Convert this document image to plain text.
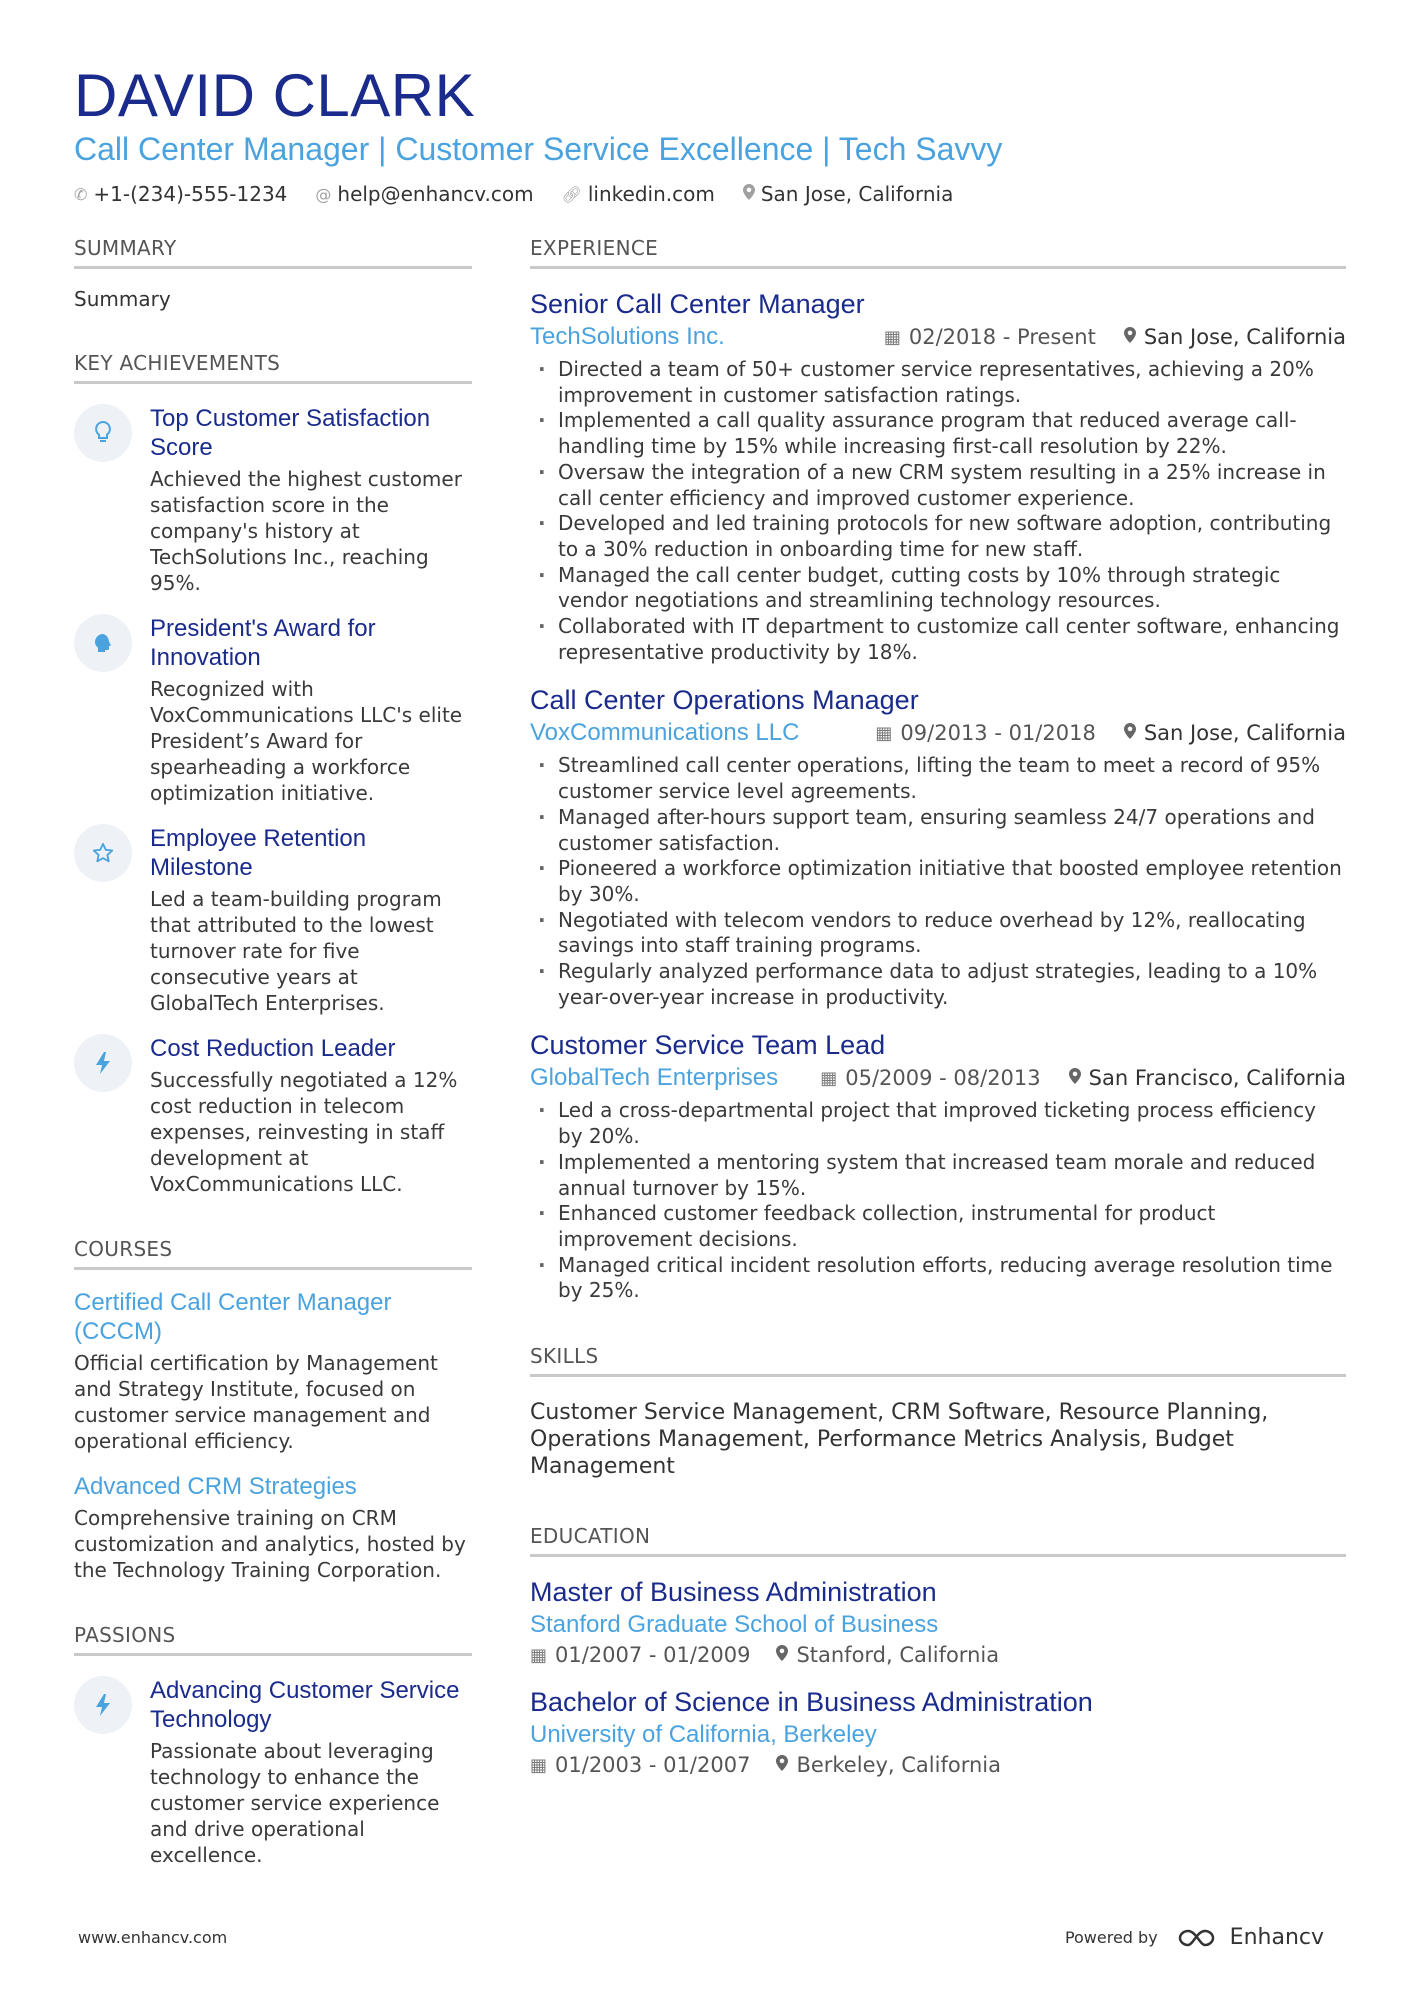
DAVID CLARK
Call Center Manager | Customer Service Excellence | Tech Savvy
✆ +1-(234)-555-1234 @ help@enhancv.com 🔗︎ linkedin.com San Jose, California
SUMMARY
Summary
KEY ACHIEVEMENTS
Top Customer Satisfaction Score
Achieved the highest customer satisfaction score in the company's history at TechSolutions Inc., reaching 95%.
President's Award for Innovation
Recognized with VoxCommunications LLC's elite President’s Award for spearheading a workforce optimization initiative.
Employee Retention Milestone
Led a team-building program that attributed to the lowest turnover rate for five consecutive years at GlobalTech Enterprises.
Cost Reduction Leader
Successfully negotiated a 12% cost reduction in telecom expenses, reinvesting in staff development at VoxCommunications LLC.
COURSES
Certified Call Center Manager (CCCM)
Official certification by Management and Strategy Institute, focused on customer service management and operational efficiency.
Advanced CRM Strategies
Comprehensive training on CRM customization and analytics, hosted by the Technology Training Corporation.
PASSIONS
Advancing Customer Service Technology
Passionate about leveraging technology to enhance the customer service experience and drive operational excellence.
EXPERIENCE
Senior Call Center Manager
TechSolutions Inc.	▦ 02/2018 - Present San Jose, California
· Directed a team of 50+ customer service representatives, achieving a 20% improvement in customer satisfaction ratings.
· Implemented a call quality assurance program that reduced average call-handling time by 15% while increasing first-call resolution by 22%.
· Oversaw the integration of a new CRM system resulting in a 25% increase in call center efficiency and improved customer experience.
· Developed and led training protocols for new software adoption, contributing to a 30% reduction in onboarding time for new staff.
· Managed the call center budget, cutting costs by 10% through strategic vendor negotiations and streamlining technology resources.
· Collaborated with IT department to customize call center software, enhancing representative productivity by 18%.
Call Center Operations Manager
VoxCommunications LLC	▦ 09/2013 - 01/2018 San Jose, California
· Streamlined call center operations, lifting the team to meet a record of 95% customer service level agreements.
· Managed after-hours support team, ensuring seamless 24/7 operations and customer satisfaction.
· Pioneered a workforce optimization initiative that boosted employee retention by 30%.
· Negotiated with telecom vendors to reduce overhead by 12%, reallocating savings into staff training programs.
· Regularly analyzed performance data to adjust strategies, leading to a 10% year-over-year increase in productivity.
Customer Service Team Lead
GlobalTech Enterprises	▦ 05/2009 - 08/2013 San Francisco, California
· Led a cross-departmental project that improved ticketing process efficiency by 20%.
· Implemented a mentoring system that increased team morale and reduced annual turnover by 15%.
· Enhanced customer feedback collection, instrumental for product improvement decisions.
· Managed critical incident resolution efforts, reducing average resolution time by 25%.
SKILLS
Customer Service Management, CRM Software, Resource Planning, Operations Management, Performance Metrics Analysis, Budget Management
EDUCATION
Master of Business Administration
Stanford Graduate School of Business
▦ 01/2007 - 01/2009 Stanford, California
Bachelor of Science in Business Administration
University of California, Berkeley
▦ 01/2003 - 01/2007 Berkeley, California
www.enhancv.com	Powered by	Enhancv
